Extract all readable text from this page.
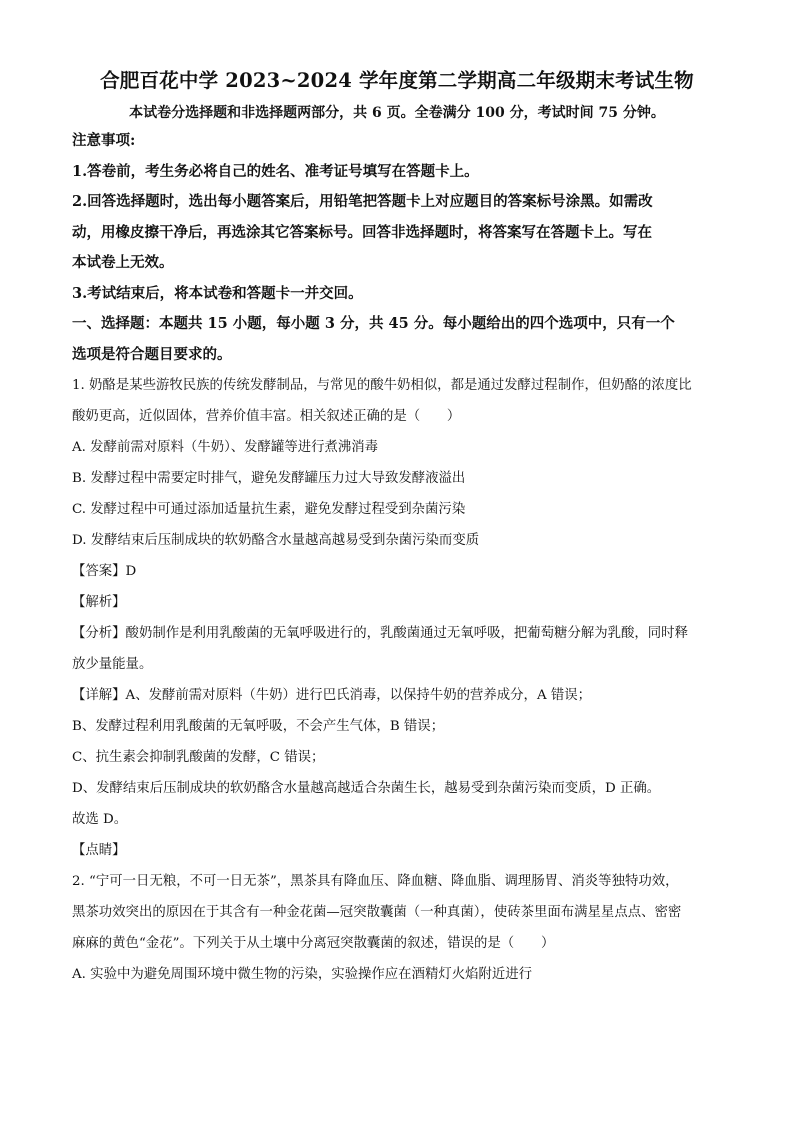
合肥百花中学 2023~2024 学年度第二学期高二年级期末考试生物

本试卷分选择题和非选择题两部分，共 6 页。全卷满分 100 分，考试时间 75 分钟。

注意事项:

1.答卷前，考生务必将自己的姓名、准考证号填写在答题卡上。

2.回答选择题时，选出每小题答案后，用铅笔把答题卡上对应题目的答案标号涂黑。如需改

动，用橡皮擦干净后，再选涂其它答案标号。回答非选择题时，将答案写在答题卡上。写在

本试卷上无效。

3.考试结束后，将本试卷和答题卡一并交回。

一、选择题：本题共 15 小题，每小题 3 分，共 45 分。每小题给出的四个选项中，只有一个

选项是符合题目要求的。

1. 奶酪是某些游牧民族的传统发酵制品，与常见的酸牛奶相似，都是通过发酵过程制作，但奶酪的浓度比

酸奶更高，近似固体，营养价值丰富。相关叙述正确的是（　　）

A. 发酵前需对原料（牛奶）、发酵罐等进行煮沸消毒

B. 发酵过程中需要定时排气，避免发酵罐压力过大导致发酵液溢出

C. 发酵过程中可通过添加适量抗生素，避免发酵过程受到杂菌污染

D. 发酵结束后压制成块的软奶酪含水量越高越易受到杂菌污染而变质

【答案】D

【解析】

【分析】酸奶制作是利用乳酸菌的无氧呼吸进行的，乳酸菌通过无氧呼吸，把葡萄糖分解为乳酸，同时释

放少量能量。

【详解】A、发酵前需对原料（牛奶）进行巴氏消毒，以保持牛奶的营养成分，A 错误；

B、发酵过程利用乳酸菌的无氧呼吸，不会产生气体，B 错误；

C、抗生素会抑制乳酸菌的发酵，C 错误；

D、发酵结束后压制成块的软奶酪含水量越高越适合杂菌生长，越易受到杂菌污染而变质，D 正确。

故选 D。

【点睛】

2. “宁可一日无粮，不可一日无茶”，黑茶具有降血压、降血糖、降血脂、调理肠胃、消炎等独特功效，

黑茶功效突出的原因在于其含有一种金花菌—冠突散囊菌（一种真菌），使砖茶里面布满星星点点、密密

麻麻的黄色“金花”。下列关于从土壤中分离冠突散囊菌的叙述，错误的是（　　）

A. 实验中为避免周围环境中微生物的污染，实验操作应在酒精灯火焰附近进行
